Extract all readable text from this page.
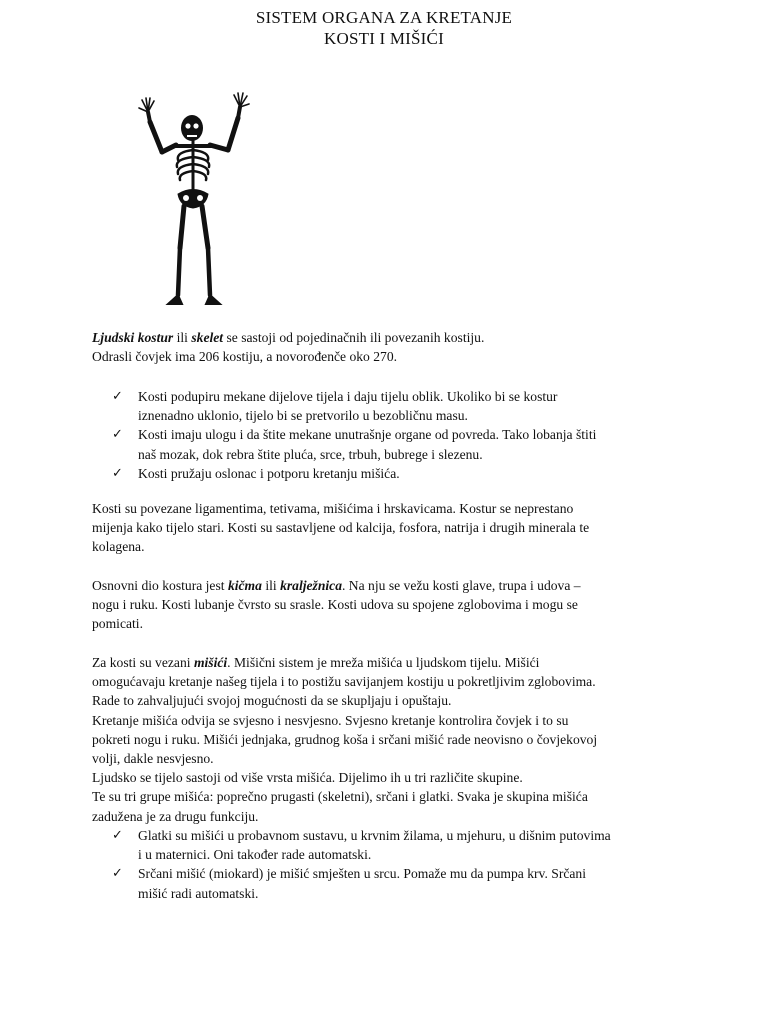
SISTEM ORGANA ZA KRETANJE
KOSTI I MIŠIĆI
Ljudski kostur ili skelet se sastoji od pojedinačnih ili povezanih kostiju.
Odrasli čovjek ima 206 kostiju, a novorođenče oko 270.
✓ Kosti podupiru mekane dijelove tijela i daju tijelu oblik. Ukoliko bi se kostur
iznenadno uklonio, tijelo bi se pretvorilo u bezobličnu masu.
✓ Kosti imaju ulogu i da štite mekane unutrašnje organe od povreda. Tako lobanja štiti
naš mozak, dok rebra štite pluća, srce, trbuh, bubrege i slezenu.
✓ Kosti pružaju oslonac i potporu kretanju mišića.
Kosti su povezane ligamentima, tetivama, mišićima i hrskavicama. Kostur se neprestano
mijenja kako tijelo stari. Kosti su sastavljene od kalcija, fosfora, natrija i drugih minerala te
kolagena.
Osnovni dio kostura jest kičma ili kralježnica. Na nju se vežu kosti glave, trupa i udova –
nogu i ruku. Kosti lubanje čvrsto su srasle. Kosti udova su spojene zglobovima i mogu se
pomicati.
Za kosti su vezani mišići. Mišični sistem je mreža mišića u ljudskom tijelu. Mišići
omogućavaju kretanje našeg tijela i to postižu savijanjem kostiju u pokretljivim zglobovima.
Rade to zahvaljujući svojoj mogućnosti da se skupljaju i opuštaju.
Kretanje mišića odvija se svjesno i nesvjesno. Svjesno kretanje kontrolira čovjek i to su
pokreti nogu i ruku. Mišići jednjaka, grudnog koša i srčani mišić rade neovisno o čovjekovoj
volji, dakle nesvjesno.
Ljudsko se tijelo sastoji od više vrsta mišića. Dijelimo ih u tri različite skupine.
Te su tri grupe mišića: poprečno prugasti (skeletni), srčani i glatki. Svaka je skupina mišića
zadužena je za drugu funkciju.
✓ Glatki su mišići u probavnom sustavu, u krvnim žilama, u mjehuru, u dišnim putovima
i u maternici. Oni također rade automatski.
✓ Srčani mišić (miokard) je mišić smješten u srcu. Pomaže mu da pumpa krv. Srčani
mišić radi automatski.
